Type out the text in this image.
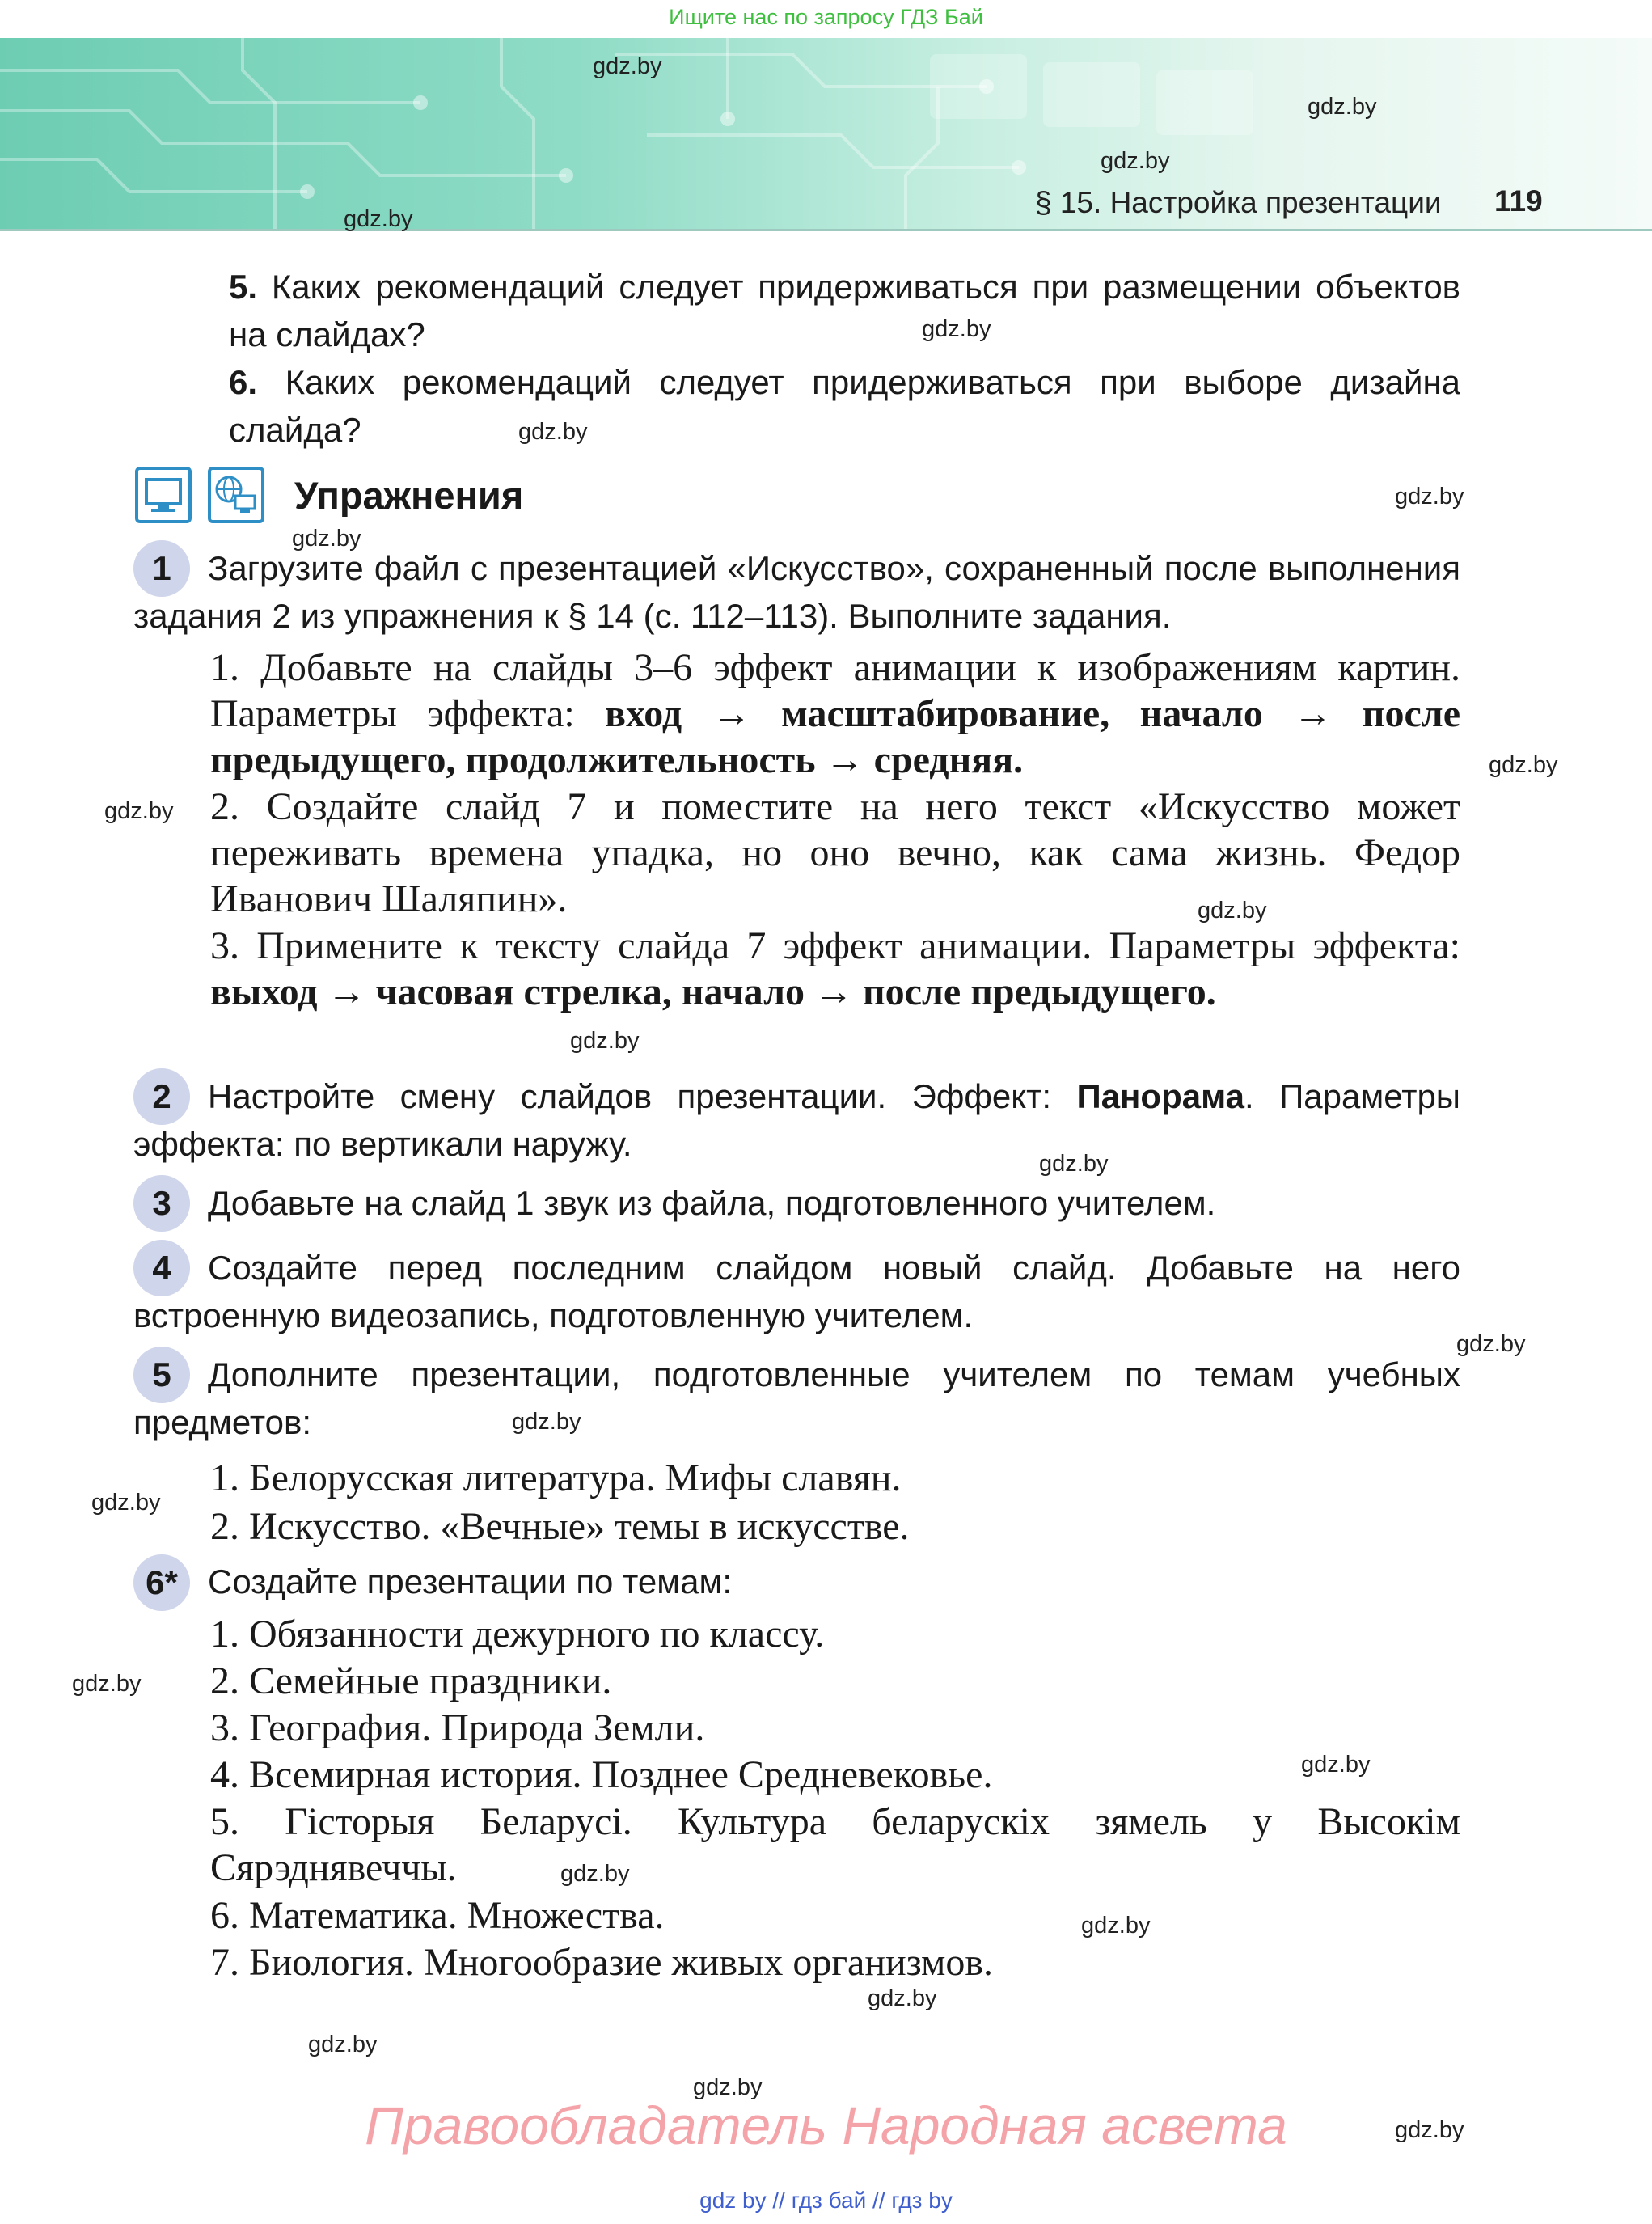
Ищите нас по запросу ГДЗ Бай
§ 15. Настройка презентации 119
5. Каких рекомендаций следует придерживаться при размещении объектов на слайдах?
6. Каких рекомендаций следует придерживаться при выборе дизайна слайда?
Упражнения
1	Загрузите файл с презентацией «Искусство», сохраненный после выполнения задания 2 из упражнения к § 14 (с. 112–113). Выполните задания.
1. Добавьте на слайды 3–6 эффект анимации к изображениям картин. Параметры эффекта: вход → масштабирование, начало → после предыдущего, продолжительность → средняя.
2. Создайте слайд 7 и поместите на него текст «Искусство может переживать времена упадка, но оно вечно, как сама жизнь. Федор Иванович Шаляпин».
3. Примените к тексту слайда 7 эффект анимации. Параметры эффекта: выход → часовая стрелка, начало → после предыдущего.
2	Настройте смену слайдов презентации. Эффект: Панорама. Параметры эффекта: по вертикали наружу.
3	Добавьте на слайд 1 звук из файла, подготовленного учителем.
4	Создайте перед последним слайдом новый слайд. Добавьте на него встроенную видеозапись, подготовленную учителем.
5	Дополните презентации, подготовленные учителем по темам учебных предметов:
1. Белорусская литература. Мифы славян.
2. Искусство. «Вечные» темы в искусстве.
6* Создайте презентации по темам:
1. Обязанности дежурного по классу.
2. Семейные праздники.
3. География. Природа Земли.
4. Всемирная история. Позднее Средневековье.
5. Гісторыя Беларусі. Культура беларускіх зямель у Высокім Сярэднявеччы.
6. Математика. Множества.
7. Биология. Многообразие живых организмов.
gdz.by
gdz.by
gdz.by
gdz.by
gdz.by
gdz.by
gdz.by
gdz.by
gdz.by
gdz.by
gdz.by
gdz.by
gdz.by
gdz.by
gdz.by
gdz.by
gdz.by
gdz.by
gdz.by
gdz.by
gdz.by
gdz.by
gdz.by
gdz.by
Правообладатель Народная асвета
gdz by // гдз бай // гдз by
